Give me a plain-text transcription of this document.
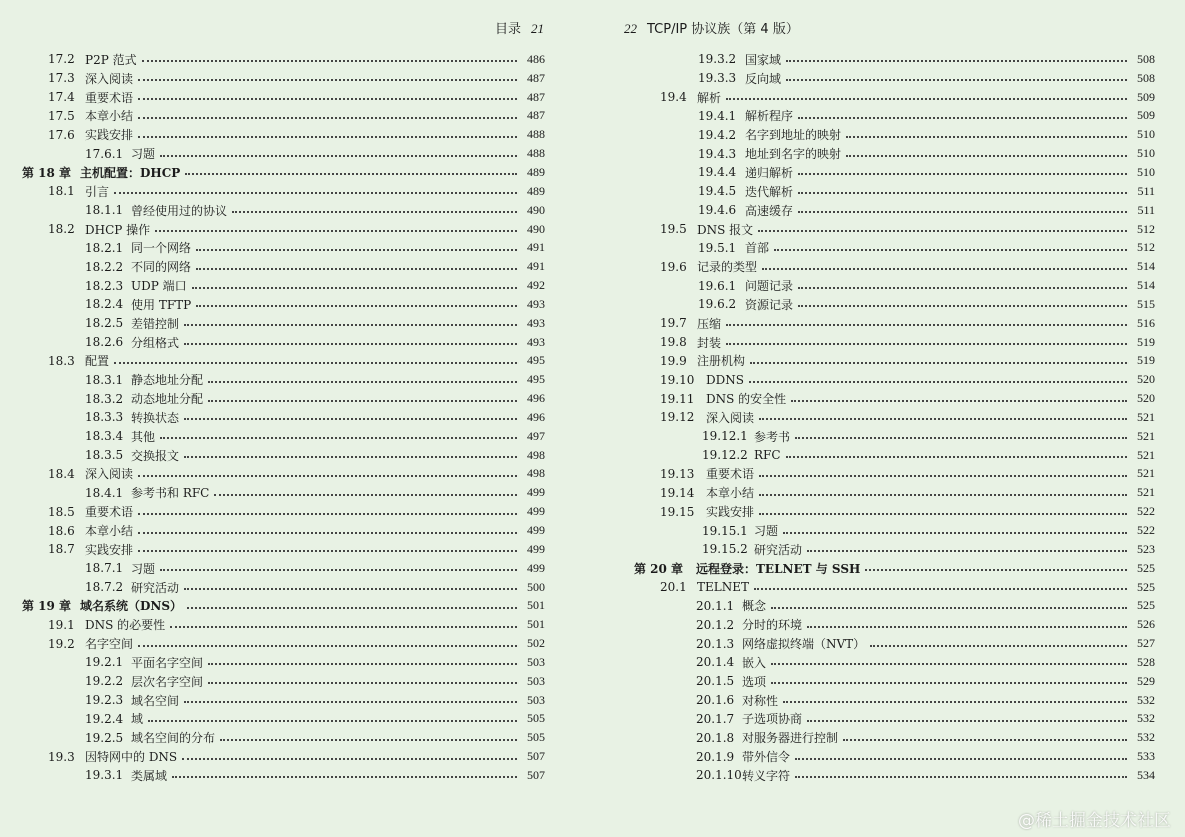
目录 21
17.2 P2P 范式	486
17.3 深入阅读	487
17.4 重要术语	487
17.5 本章小结	487
17.6 实践安排	488
17.6.1 习题	488
第 18 章 主机配置：DHCP	489
18.1 引言	489
18.1.1 曾经使用过的协议	490
18.2 DHCP 操作	490
18.2.1 同一个网络	491
18.2.2 不同的网络	491
18.2.3 UDP 端口	492
18.2.4 使用 TFTP	493
18.2.5 差错控制	493
18.2.6 分组格式	493
18.3 配置	495
18.3.1 静态地址分配	495
18.3.2 动态地址分配	496
18.3.3 转换状态	496
18.3.4 其他	497
18.3.5 交换报文	498
18.4 深入阅读	498
18.4.1 参考书和 RFC	499
18.5 重要术语	499
18.6 本章小结	499
18.7 实践安排	499
18.7.1 习题	499
18.7.2 研究活动	500
第 19 章 域名系统（DNS）	501
19.1 DNS 的必要性	501
19.2 名字空间	502
19.2.1 平面名字空间	503
19.2.2 层次名字空间	503
19.2.3 域名空间	503
19.2.4 域	505
19.2.5 域名空间的分布	505
19.3 因特网中的 DNS	507
19.3.1 类属域	507
22 TCP/IP 协议族（第 4 版）
19.3.2 国家域	508
19.3.3 反向域	508
19.4 解析	509
19.4.1 解析程序	509
19.4.2 名字到地址的映射	510
19.4.3 地址到名字的映射	510
19.4.4 递归解析	510
19.4.5 迭代解析	511
19.4.6 高速缓存	511
19.5 DNS 报文	512
19.5.1 首部	512
19.6 记录的类型	514
19.6.1 问题记录	514
19.6.2 资源记录	515
19.7 压缩	516
19.8 封装	519
19.9 注册机构	519
19.10 DDNS	520
19.11 DNS 的安全性	520
19.12 深入阅读	521
19.12.1 参考书	521
19.12.2 RFC	521
19.13 重要术语	521
19.14 本章小结	521
19.15 实践安排	522
19.15.1 习题	522
19.15.2 研究活动	523
第 20 章	远程登录：TELNET 与 SSH	525
20.1 TELNET	525
20.1.1 概念	525
20.1.2 分时的环境	526
20.1.3 网络虚拟终端（NVT）	527
20.1.4 嵌入	528
20.1.5 选项	529
20.1.6 对称性	532
20.1.7 子选项协商	532
20.1.8 对服务器进行控制	532
20.1.9 带外信令	533
20.1.10 转义字符	534
@稀土掘金技术社区
